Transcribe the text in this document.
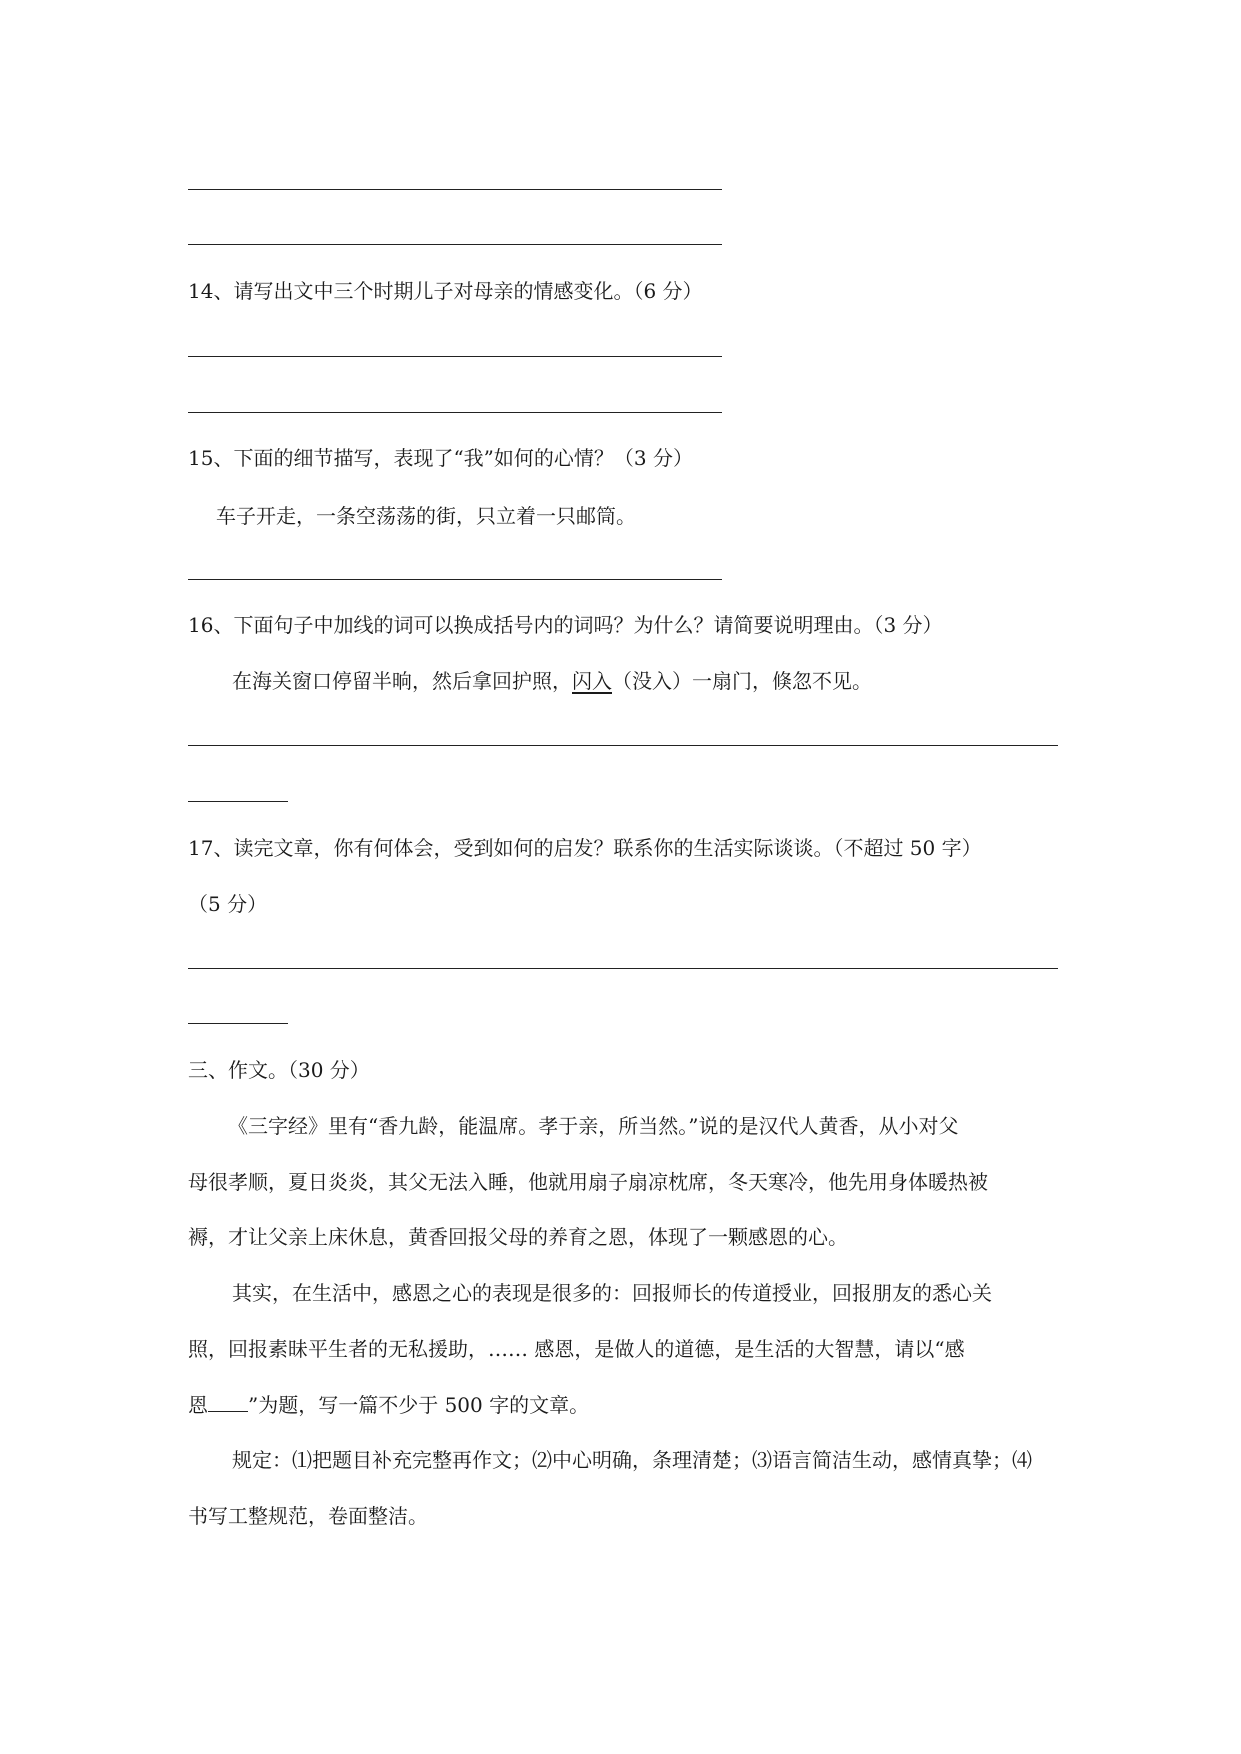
14、请写出文中三个时期儿子对母亲的情感变化。（6 分）
15、下面的细节描写，表现了“我”如何的心情？（3 分）
车子开走，一条空荡荡的街，只立着一只邮筒。
16、下面句子中加线的词可以换成括号内的词吗？为什么？请简要说明理由。（3 分）
在海关窗口停留半晌，然后拿回护照，闪入（没入）一扇门，倏忽不见。
17、读完文章，你有何体会，受到如何的启发？联系你的生活实际谈谈。（不超过 50 字）
（5 分）
三、作文。（30 分）
《三字经》里有“香九龄，能温席。孝于亲，所当然。”说的是汉代人黄香，从小对父
母很孝顺，夏日炎炎，其父无法入睡，他就用扇子扇凉枕席，冬天寒冷，他先用身体暖热被
褥，才让父亲上床休息，黄香回报父母的养育之恩，体现了一颗感恩的心。
其实，在生活中，感恩之心的表现是很多的：回报师长的传道授业，回报朋友的悉心关
照，回报素昧平生者的无私援助，…… 感恩，是做人的道德，是生活的大智慧，请以“感
恩 ”为题，写一篇不少于 500 字的文章。
规定：⑴把题目补充完整再作文；⑵中心明确，条理清楚；⑶语言简洁生动，感情真挚；⑷
书写工整规范，卷面整洁。
